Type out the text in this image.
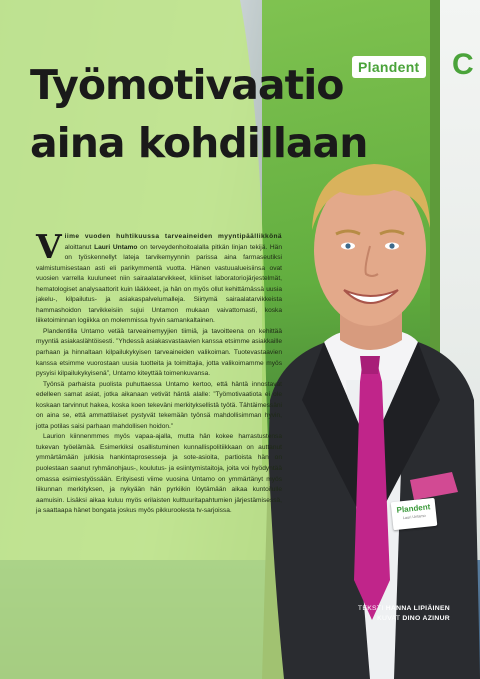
Plandent C
Plandent
Lauri Untamo
Työmotivaatio
aina kohdillaan

Viime vuoden huhtikuussa tarveaineiden myyntipäällikkönä aloittanut Lauri Untamo on terveydenhoitoalalla pitkän linjan tekijä. Hän on työskennellyt lateja tarvikemyynnin parissa aina farmaseutiksi valmistumisestaan asti eli parikymmentä vuotta. Hänen vastuualueisiinsa ovat vuosien varrella kuuluneet niin sairaalatarvikkeet, kliiniset laboratoriojärjestelmät, hematologiset analysaattorit kuin lääkkeet, ja hän on myös ollut kehittämässä uusia jakelu-, kilpailutus- ja asiakaspalvelumalleja. Siirtymä sairaalatarvikkeista hammashoidon tarvikkeisiin sujui Untamon mukaan vaivattomasti, koska liiketoiminnan logiikka on molemmissa hyvin samankaltainen.

Plandentilla Untamo vetää tarveainemyyjien tiimiä, ja tavoitteena on kehittää myyntiä asiakaslähtöisesti. ”Yhdessä asiakasvastaavien kanssa etsimme asiakkaille parhaan ja hinnaltaan kilpailukykyisen tarveaineiden valikoiman. Tuotevastaavien kanssa etsimme vuorostaan uusia tuotteita ja toimittajia, jotta valikoimamme myös pysyisi kilpailukykyisenä”, Untamo kiteyttää toimenkuvansa.

Työnsä parhaista puolista puhuttaessa Untamo kertoo, että häntä innostavat edelleen samat asiat, jotka aikanaan vetivät häntä alalle: ”Työmotivaatiota ei ole koskaan tarvinnut hakea, koska koen tekeväni merkityksellistä työtä. Tähtäimessäni on aina se, että ammattilaiset pystyvät tekemään työnsä mahdollisimman hyvin, jotta potilas saisi parhaan mahdollisen hoidon.”

Laurion kiinnenmmes myös vapaa-ajalla, mutta hän kokee harrastustensa tukevan työelämää. Esimerkiksi osallistuminen kunnallispolitiikkaan on auttanut ymmärtämään julkisia hankintaprosesseja ja sote-asioita, partioista hän on puolestaan saanut ryhmänohjaus-, koulutus- ja esiintymistaitoja, joita voi hyödyntää omassa esimiestyössään. Erityisesti viime vuosina Untamo on ymmärtänyt myös liikunnan merkityksen, ja nykyään hän pyrkiikin löytämään aikaa kuntoilulle aamuisin. Lisäksi aikaa kuluu myös erilaisten kulttuuritapahtumien järjestämisessä, ja saattaapa hänet bongata joskus myös pikkuroolesta tv-sarjoissa.

TEKSTI HANNA LIPIÄINEN
KUVAT DINO AZINUR
